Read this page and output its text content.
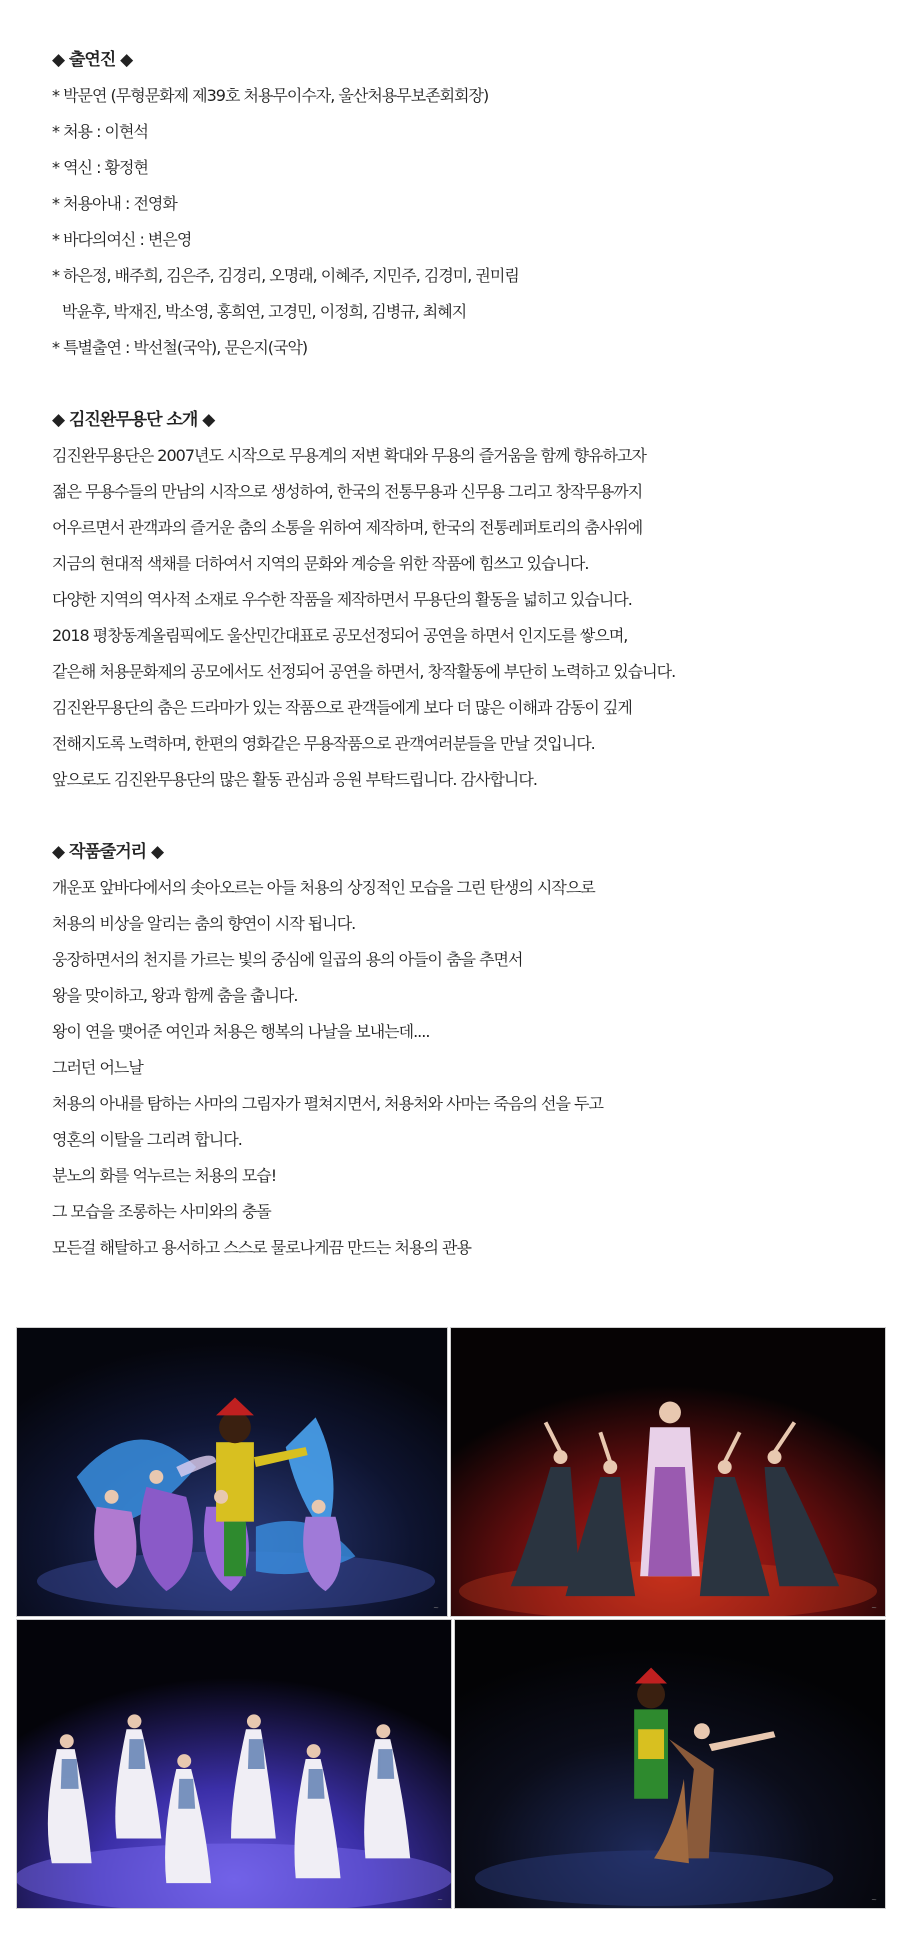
◆ 출연진 ◆

* 박문연 (무형문화제 제39호 처용무이수자, 울산처용무보존회회장)

* 처용 : 이현석

* 역신 : 황정현

* 처용아내 : 전영화

* 바다의여신 : 변은영

* 하은정, 배주희, 김은주, 김경리, 오명래, 이혜주, 지민주, 김경미, 권미림

박윤후, 박재진, 박소영, 홍희연, 고경민, 이정희, 김병규, 최혜지

* 특별출연 : 박선철(국악), 문은지(국악)

◆ 김진완무용단 소개 ◆

김진완무용단은 2007년도 시작으로 무용계의 저변 확대와 무용의 즐거움을 함께 향유하고자

젊은 무용수들의 만남의 시작으로 생성하여, 한국의 전통무용과 신무용 그리고 창작무용까지

어우르면서 관객과의 즐거운 춤의 소통을 위하여 제작하며, 한국의 전통레퍼토리의 춤사위에

지금의 현대적 색채를 더하여서 지역의 문화와 계승을 위한 작품에 힘쓰고 있습니다.

다양한 지역의 역사적 소재로 우수한 작품을 제작하면서 무용단의 활동을 넓히고 있습니다.

2018 평창동계올림픽에도 울산민간대표로 공모선정되어 공연을 하면서 인지도를 쌓으며,

같은해 처용문화제의 공모에서도 선정되어 공연을 하면서, 창작활동에 부단히 노력하고 있습니다.

김진완무용단의 춤은 드라마가 있는 작품으로 관객들에게 보다 더 많은 이해과 감동이 깊게

전해지도록 노력하며, 한편의 영화같은 무용작품으로 관객여러분들을 만날 것입니다.

앞으로도 김진완무용단의 많은 활동 관심과 응원 부탁드립니다. 감사합니다.

◆ 작품줄거리 ◆

개운포 앞바다에서의 솟아오르는 아들 처용의 상징적인 모습을 그린 탄생의 시작으로

처용의 비상을 알리는 춤의 향연이 시작 됩니다.

웅장하면서의 천지를 가르는 빛의 중심에 일곱의 용의 아들이 춤을 추면서

왕을 맞이하고, 왕과 함께 춤을 춥니다.

왕이 연을 맺어준 여인과 처용은 행복의 나날을 보내는데....

그러던 어느날

처용의 아내를 탐하는 사마의 그림자가 펼쳐지면서, 처용처와 사마는 죽음의 선을 두고

영혼의 이탈을 그리려 합니다.

분노의 화를 억누르는 처용의 모습!

그 모습을 조롱하는 사미와의 충돌

모든걸 해탈하고 용서하고 스스로 물로나게끔 만드는 처용의 관용

~	~
~	~
